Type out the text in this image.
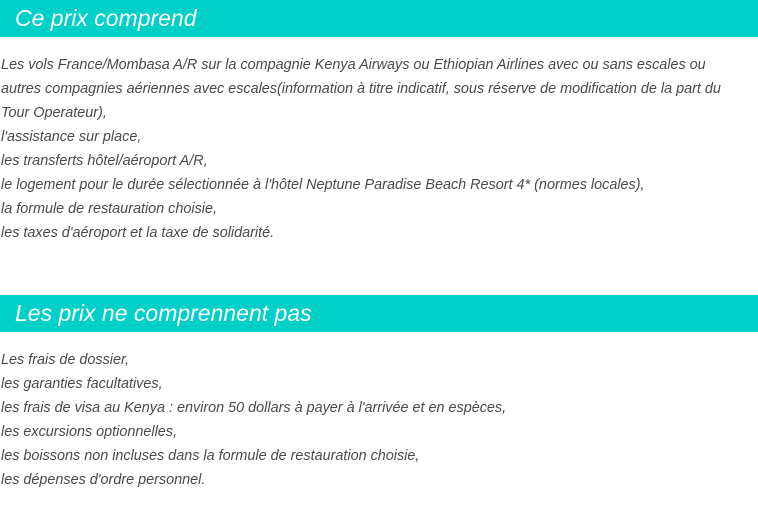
Ce prix comprend
Les vols France/Mombasa A/R sur la compagnie Kenya Airways ou Ethiopian Airlines avec ou sans escales ou autres compagnies aériennes avec escales(information à titre indicatif, sous réserve de modification de la part du Tour Operateur),
l'assistance sur place,
les transferts hôtel/aéroport A/R,
le logement pour le durée sélectionnée à l'hôtel Neptune Paradise Beach Resort 4* (normes locales),
la formule de restauration choisie,
les taxes d'aéroport et la taxe de solidarité.
Les prix ne comprennent pas
Les frais de dossier,
les garanties facultatives,
les frais de visa au Kenya : environ 50 dollars à payer à l'arrivée et en espèces,
les excursions optionnelles,
les boissons non incluses dans la formule de restauration choisie,
les dépenses d'ordre personnel.
